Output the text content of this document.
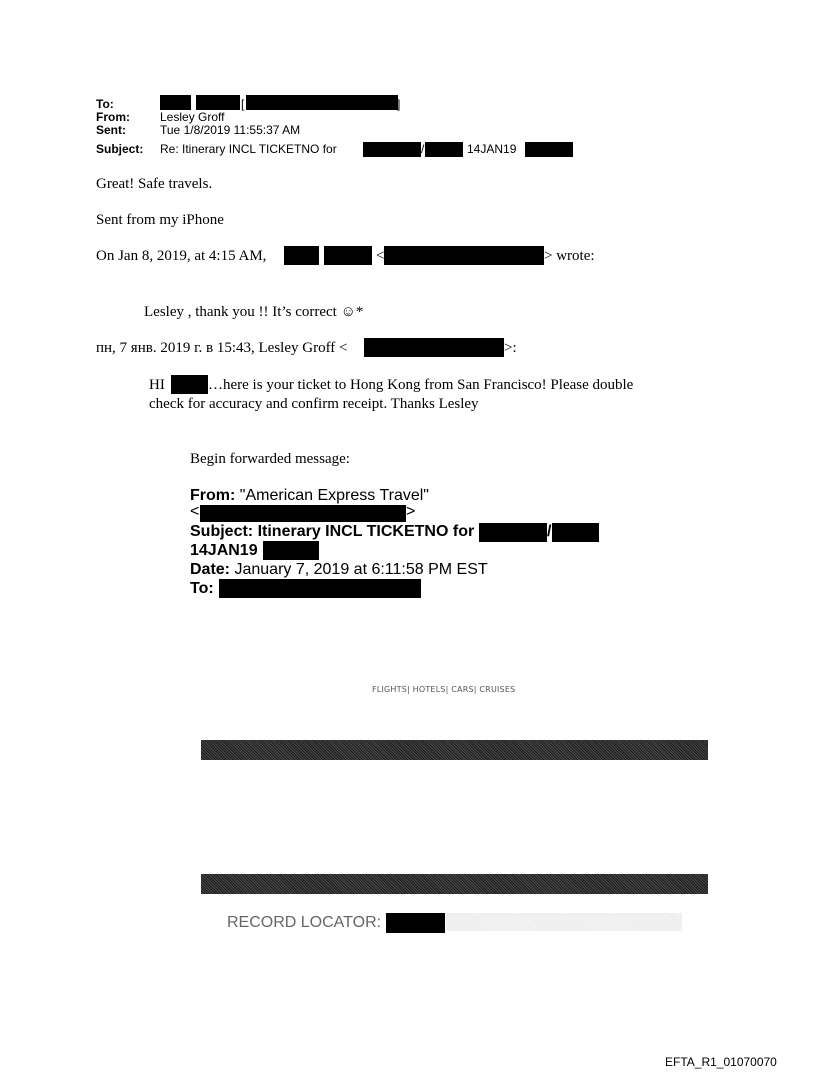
To:	[	]
From:	Lesley Groff
Sent:	Tue 1/8/2019 11:55:37 AM
Subject: Re: Itinerary INCL TICKETNO for	/	14JAN19
Great! Safe travels.
Sent from my iPhone
On Jan 8, 2019, at 4:15 AM,	<	> wrote:
Lesley , thank you !! It’s correct ☺*
пн, 7 янв. 2019 г. в 15:43, Lesley Groff <	>:
HI	…here is your ticket to Hong Kong from San Francisco! Please double
check for accuracy and confirm receipt. Thanks Lesley
Begin forwarded message:
From: "American Express Travel"
<	>
Subject: Itinerary INCL TICKETNO for	/
14JAN19
Date: January 7, 2019 at 6:11:58 PM EST
To:
FLIGHTS| HOTELS| CARS| CRUISES
RECORD LOCATOR:
EFTA_R1_01070070
